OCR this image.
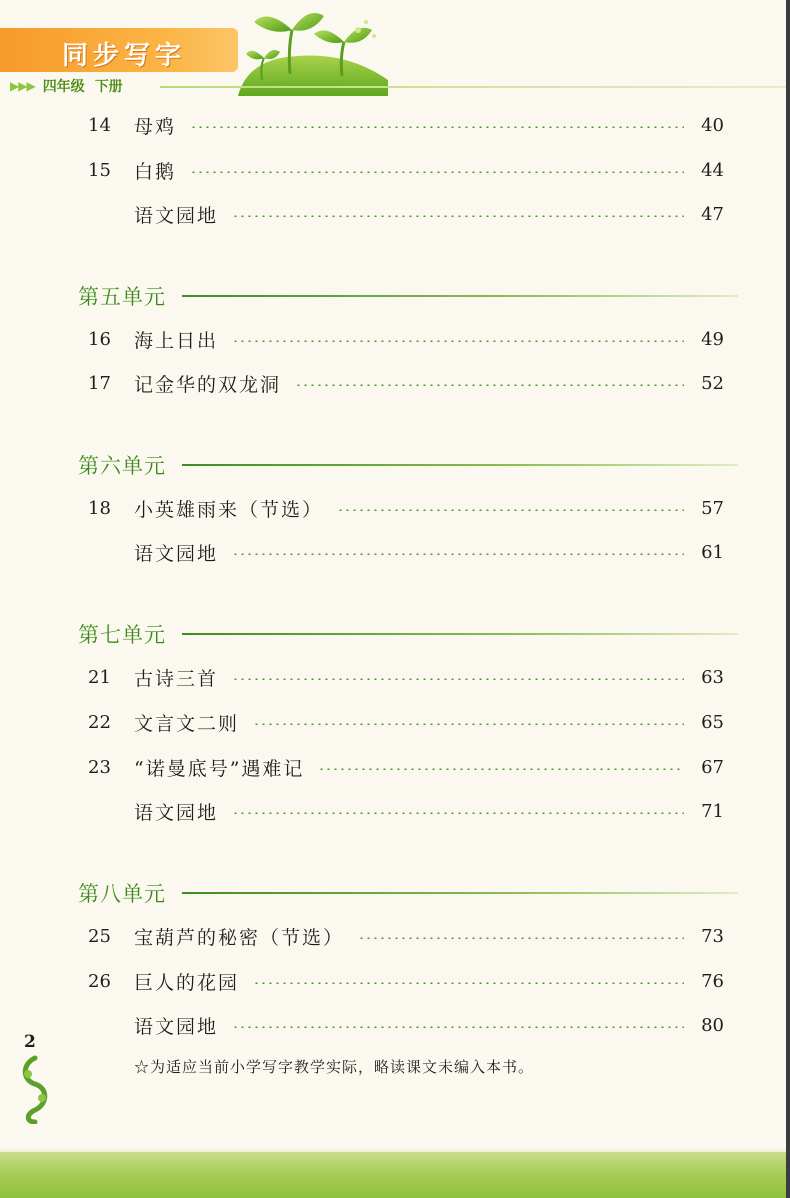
同步写字
▶▶▶ 四年级 下册
14	母鸡	40
15	白鹅	44
语文园地	47
第五单元
16	海上日出	49
17	记金华的双龙洞	52
第六单元
18	小英雄雨来（节选）	57
语文园地	61
第七单元
21	古诗三首	63
22	文言文二则	65
23	“诺曼底号”遇难记	67
语文园地	71
第八单元
25	宝葫芦的秘密（节选）	73
26	巨人的花园	76
语文园地	80
2
☆为适应当前小学写字教学实际，略读课文未编入本书。
